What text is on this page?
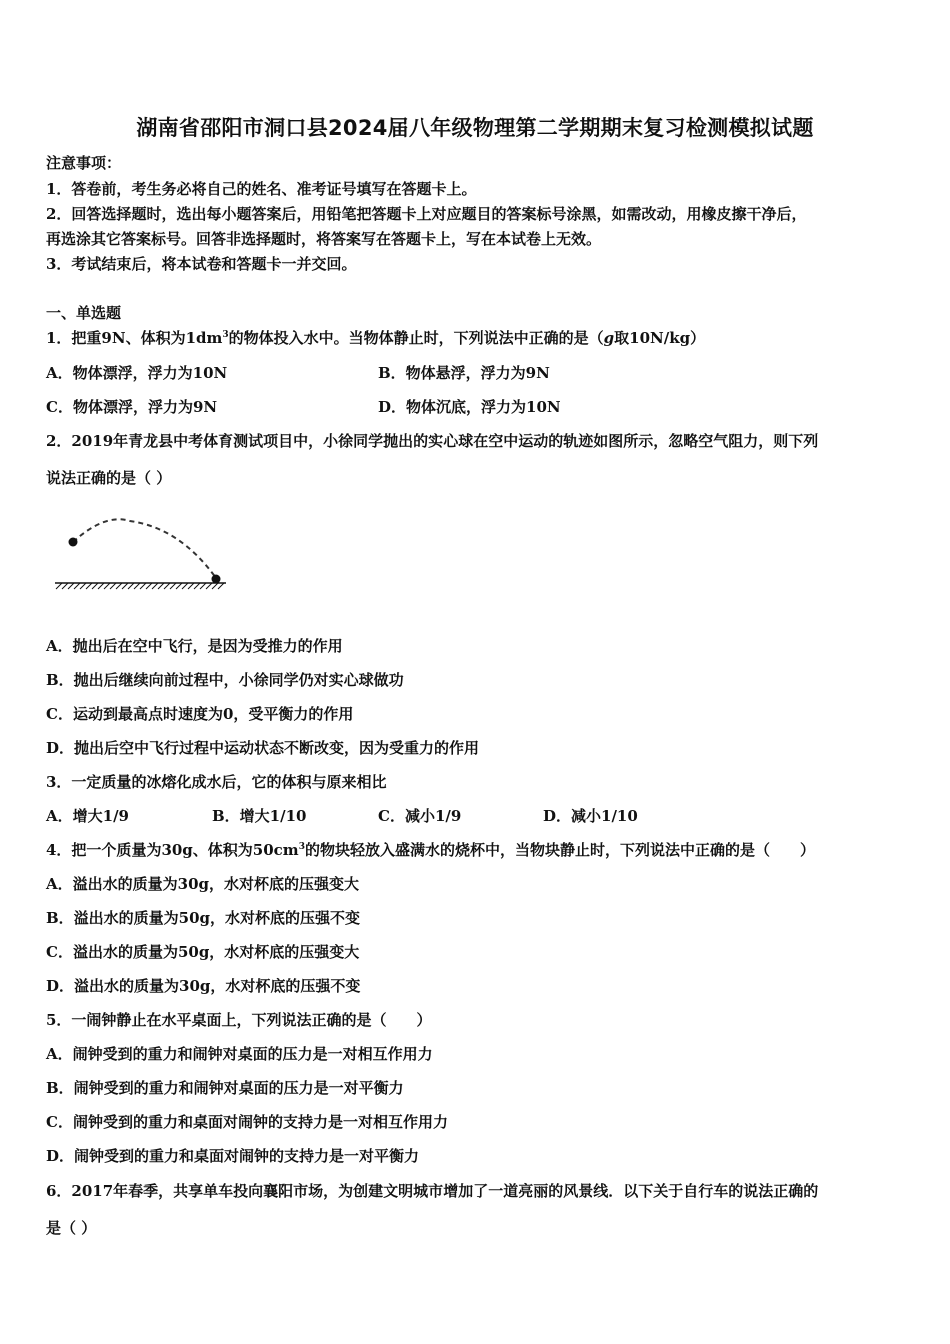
湖南省邵阳市洞口县2024届八年级物理第二学期期末复习检测模拟试题
注意事项：
1．答卷前，考生务必将自己的姓名、准考证号填写在答题卡上。
2．回答选择题时，选出每小题答案后，用铅笔把答题卡上对应题目的答案标号涂黑，如需改动，用橡皮擦干净后，
再选涂其它答案标号。回答非选择题时，将答案写在答题卡上，写在本试卷上无效。
3．考试结束后，将本试卷和答题卡一并交回。
一、单选题
1．把重9N、体积为$1dm^3$的物体投入水中。当物体静止时，下列说法中正确的是（g取10N/kg）
A．物体漂浮，浮力为10N	B．物体悬浮，浮力为9N
C．物体漂浮，浮力为9N	D．物体沉底，浮力为10N
2．2019年青龙县中考体育测试项目中，小徐同学抛出的实心球在空中运动的轨迹如图所示，忽略空气阻力，则下列
说法正确的是（ ）
A．抛出后在空中飞行，是因为受推力的作用
B．抛出后继续向前过程中，小徐同学仍对实心球做功
C．运动到最高点时速度为0，受平衡力的作用
D．抛出后空中飞行过程中运动状态不断改变，因为受重力的作用
3．一定质量的冰熔化成水后，它的体积与原来相比
A．增大1/9	B．增大1/10	C．减小1/9	D．减小1/10
4．把一个质量为30g、体积为$50cm^3$的物块轻放入盛满水的烧杯中，当物块静止时，下列说法中正确的是（　　）
A．溢出水的质量为30g，水对杯底的压强变大
B．溢出水的质量为50g，水对杯底的压强不变
C．溢出水的质量为50g，水对杯底的压强变大
D．溢出水的质量为30g，水对杯底的压强不变
5．一闹钟静止在水平桌面上，下列说法正确的是（　　）
A．闹钟受到的重力和闹钟对桌面的压力是一对相互作用力
B．闹钟受到的重力和闹钟对桌面的压力是一对平衡力
C．闹钟受到的重力和桌面对闹钟的支持力是一对相互作用力
D．闹钟受到的重力和桌面对闹钟的支持力是一对平衡力
6．2017年春季，共享单车投向襄阳市场，为创建文明城市增加了一道亮丽的风景线．以下关于自行车的说法正确的
是（ ）
